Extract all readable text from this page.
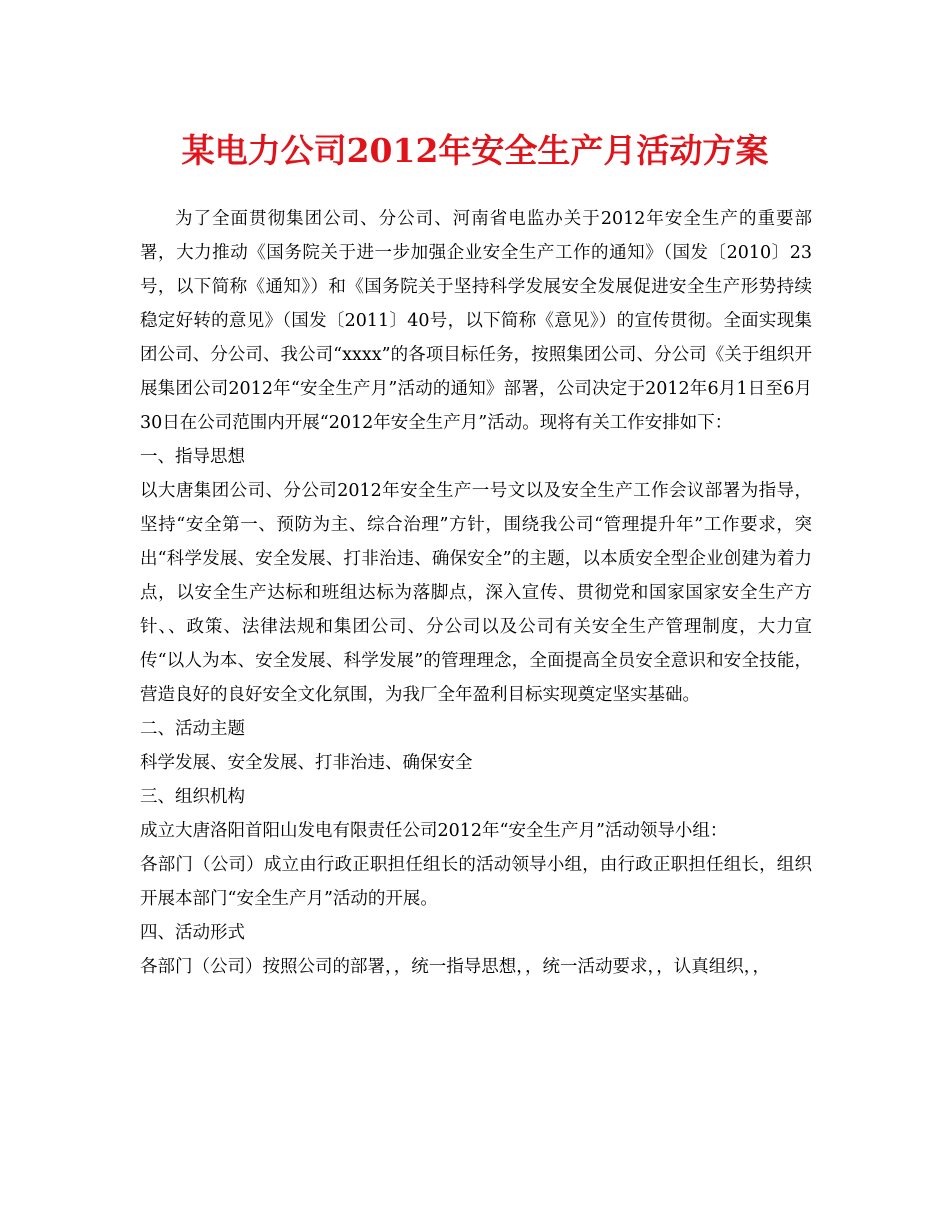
某电力公司2012年安全生产月活动方案

为了全面贯彻集团公司、分公司、河南省电监办关于2012年安全生产的重要部署，大力推动《国务院关于进一步加强企业安全生产工作的通知》（国发〔2010〕23号，以下简称《通知》）和《国务院关于坚持科学发展安全发展促进安全生产形势持续稳定好转的意见》（国发〔2011〕40号，以下简称《意见》）的宣传贯彻。全面实现集团公司、分公司、我公司“xxxx”的各项目标任务，按照集团公司、分公司《关于组织开展集团公司2012年“安全生产月”活动的通知》部署，公司决定于2012年6月1日至6月30日在公司范围内开展“2012年安全生产月”活动。现将有关工作安排如下：

一、指导思想

以大唐集团公司、分公司2012年安全生产一号文以及安全生产工作会议部署为指导，坚持“安全第一、预防为主、综合治理”方针，围绕我公司“管理提升年”工作要求，突出“科学发展、安全发展、打非治违、确保安全”的主题，以本质安全型企业创建为着力点，以安全生产达标和班组达标为落脚点，深入宣传、贯彻党和国家国家安全生产方针、、政策、法律法规和集团公司、分公司以及公司有关安全生产管理制度，大力宣传“以人为本、安全发展、科学发展”的管理理念，全面提高全员安全意识和安全技能，营造良好的良好安全文化氛围，为我厂全年盈利目标实现奠定坚实基础。

二、活动主题

科学发展、安全发展、打非治违、确保安全

三、组织机构

成立大唐洛阳首阳山发电有限责任公司2012年“安全生产月”活动领导小组：

各部门（公司）成立由行政正职担任组长的活动领导小组，由行政正职担任组长，组织开展本部门“安全生产月”活动的开展。

四、活动形式

各部门（公司）按照公司的部署，，统一指导思想，，统一活动要求，，认真组织，，
